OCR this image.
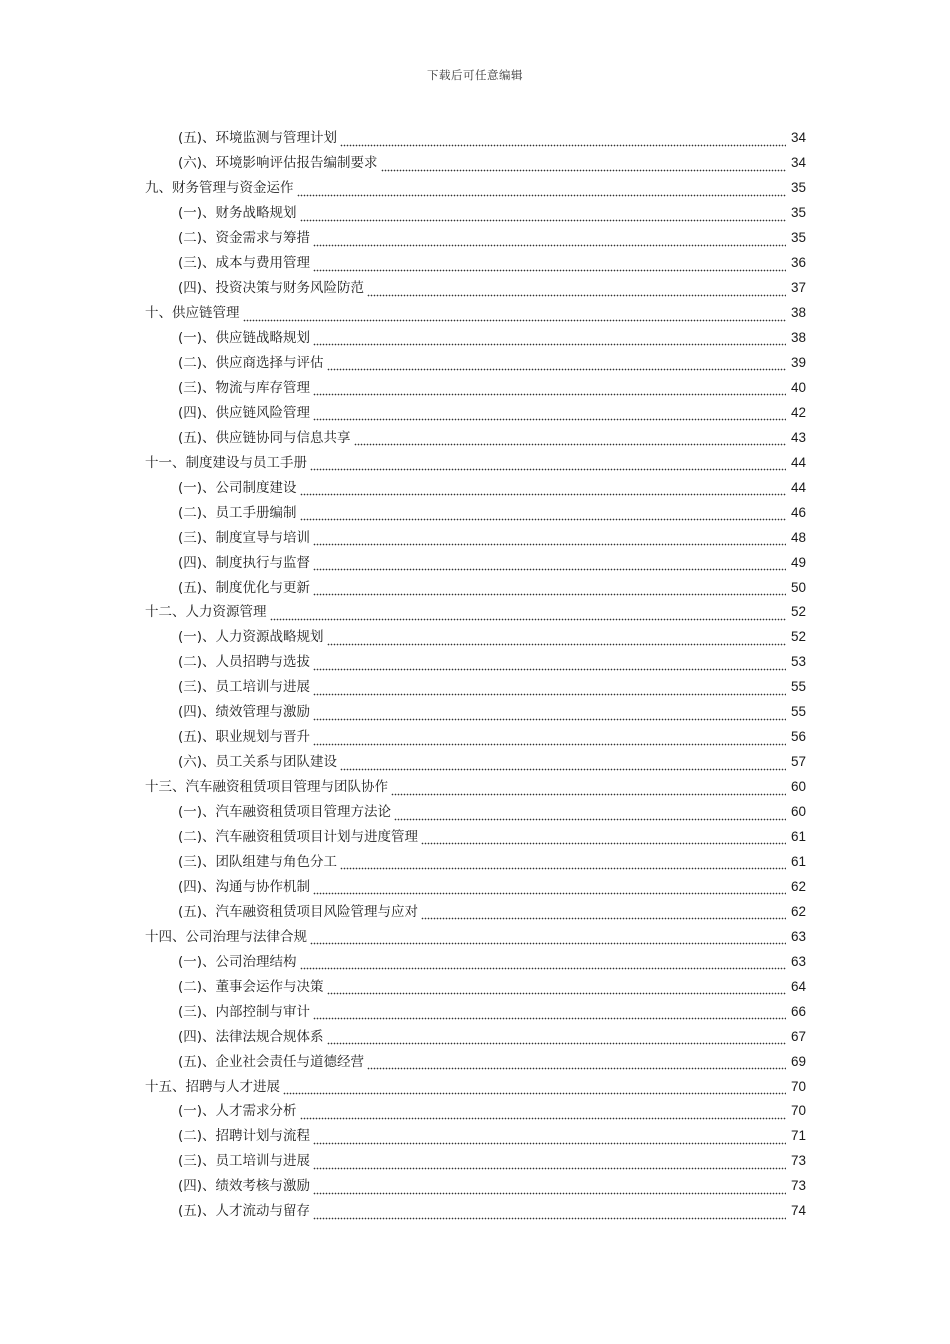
下载后可任意编辑
(五)、环境监测与管理计划	34
(六)、环境影响评估报告编制要求	34
九、财务管理与资金运作	35
(一)、财务战略规划	35
(二)、资金需求与筹措	35
(三)、成本与费用管理	36
(四)、投资决策与财务风险防范	37
十、供应链管理	38
(一)、供应链战略规划	38
(二)、供应商选择与评估	39
(三)、物流与库存管理	40
(四)、供应链风险管理	42
(五)、供应链协同与信息共享	43
十一、制度建设与员工手册	44
(一)、公司制度建设	44
(二)、员工手册编制	46
(三)、制度宣导与培训	48
(四)、制度执行与监督	49
(五)、制度优化与更新	50
十二、人力资源管理	52
(一)、人力资源战略规划	52
(二)、人员招聘与选拔	53
(三)、员工培训与进展	55
(四)、绩效管理与激励	55
(五)、职业规划与晋升	56
(六)、员工关系与团队建设	57
十三、汽车融资租赁项目管理与团队协作	60
(一)、汽车融资租赁项目管理方法论	60
(二)、汽车融资租赁项目计划与进度管理	61
(三)、团队组建与角色分工	61
(四)、沟通与协作机制	62
(五)、汽车融资租赁项目风险管理与应对	62
十四、公司治理与法律合规	63
(一)、公司治理结构	63
(二)、董事会运作与决策	64
(三)、内部控制与审计	66
(四)、法律法规合规体系	67
(五)、企业社会责任与道德经营	69
十五、招聘与人才进展	70
(一)、人才需求分析	70
(二)、招聘计划与流程	71
(三)、员工培训与进展	73
(四)、绩效考核与激励	73
(五)、人才流动与留存	74
